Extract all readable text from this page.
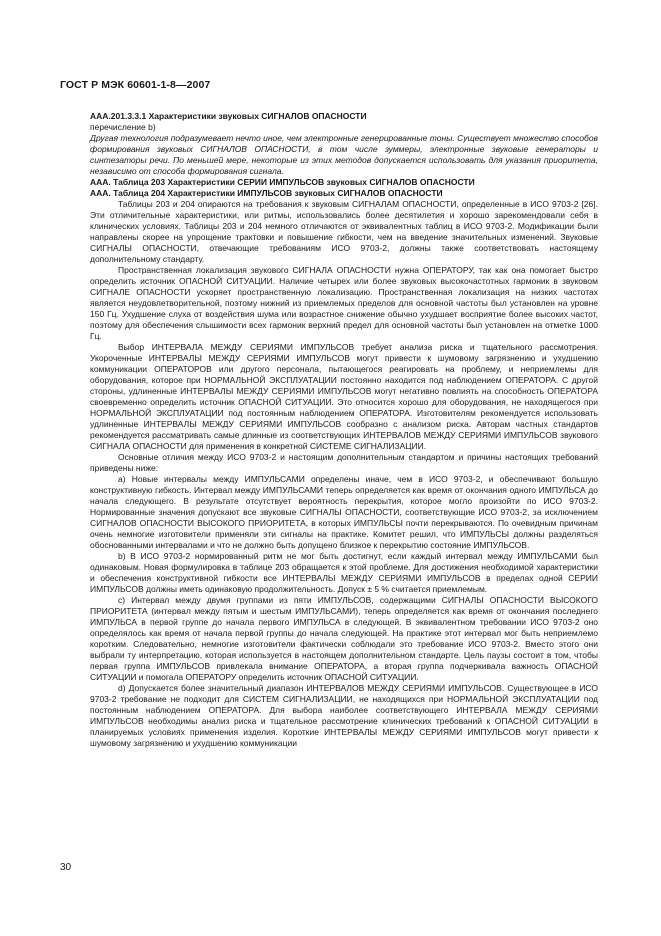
ГОСТ Р МЭК 60601-1-8—2007

AAA.201.3.3.1 Характеристики звуковых СИГНАЛОВ ОПАСНОСТИ

перечисление b)

Другая технология подразумевает нечто иное, чем электронные генерированные тоны. Существует множество способов формирования звуковых СИГНАЛОВ ОПАСНОСТИ, в том числе зуммеры, электронные звуковые генераторы и синтезаторы речи. По меньшей мере, некоторые из этих методов допускается использовать для указания приоритета, независимо от способа формирования сигнала.

AAA. Таблица 203 Характеристики СЕРИИ ИМПУЛЬСОВ звуковых СИГНАЛОВ ОПАСНОСТИ

AAA. Таблица 204 Характеристики ИМПУЛЬСОВ звуковых СИГНАЛОВ ОПАСНОСТИ

Таблицы 203 и 204 опираются на требования к звуковым СИГНАЛАМ ОПАСНОСТИ, определенные в ИСО 9703-2 [26]. Эти отличительные характеристики, или ритмы, использовались более десятилетия и хорошо зарекомендовали себя в клинических условиях. Таблицы 203 и 204 немного отличаются от эквивалентных таблиц в ИСО 9703-2. Модификации были направлены скорее на упрощение трактовки и повышение гибкости, чем на введение значительных изменений. Звуковые СИГНАЛЫ ОПАСНОСТИ, отвечающие требованиям ИСО 9703-2, должны также соответствовать настоящему дополнительному стандарту.

Пространственная локализация звукового СИГНАЛА ОПАСНОСТИ нужна ОПЕРАТОРУ, так как она помогает быстро определить источник ОПАСНОЙ СИТУАЦИИ. Наличие четырех или более звуковых высокочастотных гармоник в звуковом СИГНАЛЕ ОПАСНОСТИ ускоряет пространственную локализацию. Пространственная локализация на низких частотах является неудовлетворительной, поэтому нижний из приемлемых пределов для основной частоты был установлен на уровне 150 Гц. Ухудшение слуха от воздействия шума или возрастное снижение обычно ухудшает восприятие более высоких частот, поэтому для обеспечения слышимости всех гармоник верхний предел для основной частоты был установлен на отметке 1000 Гц.

Выбор ИНТЕРВАЛА МЕЖДУ СЕРИЯМИ ИМПУЛЬСОВ требует анализа риска и тщательного рассмотрения. Укороченные ИНТЕРВАЛЫ МЕЖДУ СЕРИЯМИ ИМПУЛЬСОВ могут привести к шумовому загрязнению и ухудшению коммуникации ОПЕРАТОРОВ или другого персонала, пытающегося реагировать на проблему, и неприемлемы для оборудования, которое при НОРМАЛЬНОЙ ЭКСПЛУАТАЦИИ постоянно находится под наблюдением ОПЕРАТОРА. С другой стороны, удлиненные ИНТЕРВАЛЫ МЕЖДУ СЕРИЯМИ ИМПУЛЬСОВ могут негативно повлиять на способность ОПЕРАТОРА своевременно определить источник ОПАСНОЙ СИТУАЦИИ. Это относится хорошо для оборудования, не находящегося при НОРМАЛЬНОЙ ЭКСПЛУАТАЦИИ под постоянным наблюдением ОПЕРАТОРА. Изготовителям рекомендуется использовать удлиненные ИНТЕРВАЛЫ МЕЖДУ СЕРИЯМИ ИМПУЛЬСОВ сообразно с анализом риска. Авторам частных стандартов рекомендуется рассматривать самые длинные из соответствующих ИНТЕРВАЛОВ МЕЖДУ СЕРИЯМИ ИМПУЛЬСОВ звукового СИГНАЛА ОПАСНОСТИ для применения в конкретной СИСТЕМЕ СИГНАЛИЗАЦИИ.

Основные отличия между ИСО 9703-2 и настоящим дополнительным стандартом и причины настоящих требований приведены ниже:

a) Новые интервалы между ИМПУЛЬСАМИ определены иначе, чем в ИСО 9703-2, и обеспечивают большую конструктивную гибкость. Интервал между ИМПУЛЬСАМИ теперь определяется как время от окончания одного ИМПУЛЬСА до начала следующего. В результате отсутствует вероятность перекрытия, которое могло произойти по ИСО 9703-2. Нормированные значения допускают все звуковые СИГНАЛЫ ОПАСНОСТИ, соответствующие ИСО 9703-2, за исключением СИГНАЛОВ ОПАСНОСТИ ВЫСОКОГО ПРИОРИТЕТА, в которых ИМПУЛЬСЫ почти перекрываются. По очевидным причинам очень немногие изготовители применяли эти сигналы на практике. Комитет решил, что ИМПУЛЬСЫ должны разделяться обоснованными интервалами и что не должно быть допущено близкое к перекрытию состояние ИМПУЛЬСОВ.

b) В ИСО 9703-2 нормированный ритм не мог быть достигнут, если каждый интервал между ИМПУЛЬСАМИ был одинаковым. Новая формулировка в таблице 203 обращается к этой проблеме. Для достижения необходимой характеристики и обеспечения конструктивной гибкости все ИНТЕРВАЛЫ МЕЖДУ СЕРИЯМИ ИМПУЛЬСОВ в пределах одной СЕРИИ ИМПУЛЬСОВ должны иметь одинаковую продолжительность. Допуск ± 5 % считается приемлемым.

c) Интервал между двумя группами из пяти ИМПУЛЬСОВ, содержащими СИГНАЛЫ ОПАСНОСТИ ВЫСОКОГО ПРИОРИТЕТА (интервал между пятым и шестым ИМПУЛЬСАМИ), теперь определяется как время от окончания последнего ИМПУЛЬСА в первой группе до начала первого ИМПУЛЬСА в следующей. В эквивалентном требовании ИСО 9703-2 оно определялось как время от начала первой группы до начала следующей. На практике этот интервал мог быть неприемлемо коротким. Следовательно, немногие изготовители фактически соблюдали это требование ИСО 9703-2. Вместо этого они выбрали ту интерпретацию, которая используется в настоящем дополнительном стандарте. Цель паузы состоит в том, чтобы первая группа ИМПУЛЬСОВ привлекала внимание ОПЕРАТОРА, а вторая группа подчеркивала важность ОПАСНОЙ СИТУАЦИИ и помогала ОПЕРАТОРУ определить источник ОПАСНОЙ СИТУАЦИИ.

d) Допускается более значительный диапазон ИНТЕРВАЛОВ МЕЖДУ СЕРИЯМИ ИМПУЛЬСОВ. Существующее в ИСО 9703-2 требование не подходит для СИСТЕМ СИГНАЛИЗАЦИИ, не находящихся при НОРМАЛЬНОЙ ЭКСПЛУАТАЦИИ под постоянным наблюдением ОПЕРАТОРА. Для выбора наиболее соответствующего ИНТЕРВАЛА МЕЖДУ СЕРИЯМИ ИМПУЛЬСОВ необходимы анализ риска и тщательное рассмотрение клинических требований к ОПАСНОЙ СИТУАЦИИ в планируемых условиях применения изделия. Короткие ИНТЕРВАЛЫ МЕЖДУ СЕРИЯМИ ИМПУЛЬСОВ могут привести к шумовому загрязнению и ухудшению коммуникации

30
